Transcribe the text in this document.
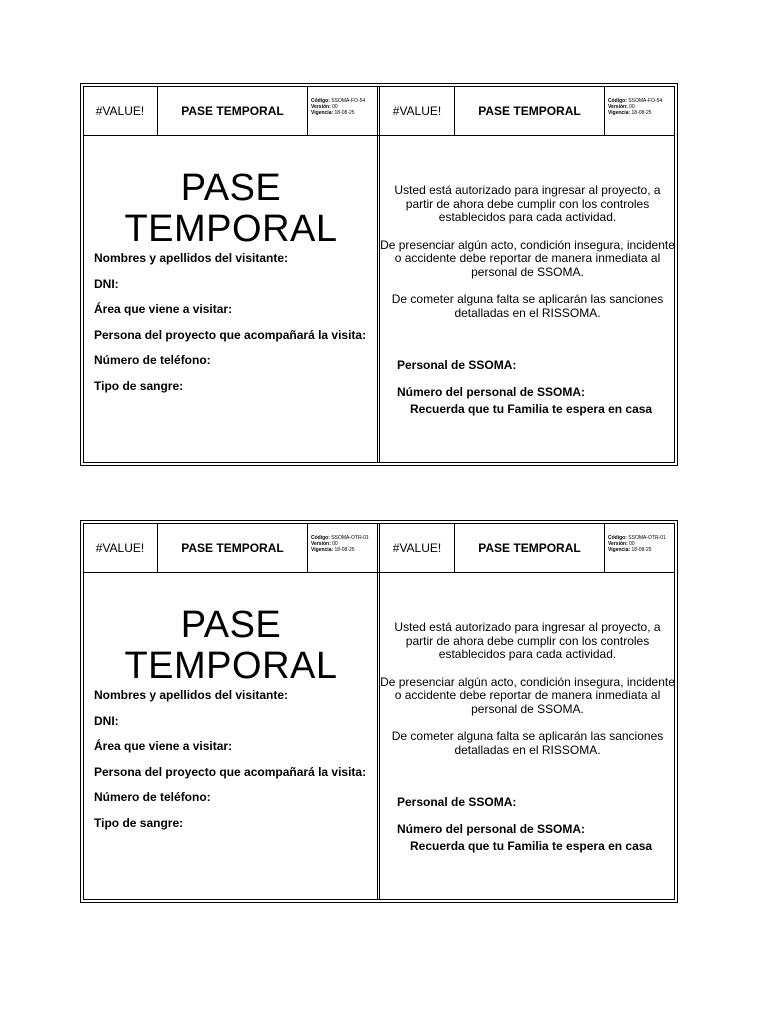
#VALUE!	PASE TEMPORAL
Código: SSOMA-FO-54
Versión: 00
Vigencia: 18-08-25
PASE
TEMPORAL
Nombres y apellidos del visitante:
DNI:
Área que viene a visitar:
Persona del proyecto que acompañará la visita:
Número de teléfono:
Tipo de sangre:
#VALUE!	PASE TEMPORAL
Código: SSOMA-FO-54
Versión: 00
Vigencia: 18-08-25

Usted está autorizado para ingresar al proyecto, a partir de ahora debe cumplir con los controles establecidos para cada actividad.

De presenciar algún acto, condición insegura, incidente o accidente debe reportar de manera inmediata al personal de SSOMA.

De cometer alguna falta se aplicarán las sanciones detalladas en el RISSOMA.

Personal de SSOMA:
Número del personal de SSOMA:
Recuerda que tu Familia te espera en casa
#VALUE!	PASE TEMPORAL
Código: SSOMA-OTR-01
Versión: 00
Vigencia: 18-08-25
PASE
TEMPORAL
Nombres y apellidos del visitante:
DNI:
Área que viene a visitar:
Persona del proyecto que acompañará la visita:
Número de teléfono:
Tipo de sangre:
#VALUE!	PASE TEMPORAL
Código: SSOMA-OTR-01
Versión: 00
Vigencia: 18-08-25

Usted está autorizado para ingresar al proyecto, a partir de ahora debe cumplir con los controles establecidos para cada actividad.

De presenciar algún acto, condición insegura, incidente o accidente debe reportar de manera inmediata al personal de SSOMA.

De cometer alguna falta se aplicarán las sanciones detalladas en el RISSOMA.

Personal de SSOMA:
Número del personal de SSOMA:
Recuerda que tu Familia te espera en casa
